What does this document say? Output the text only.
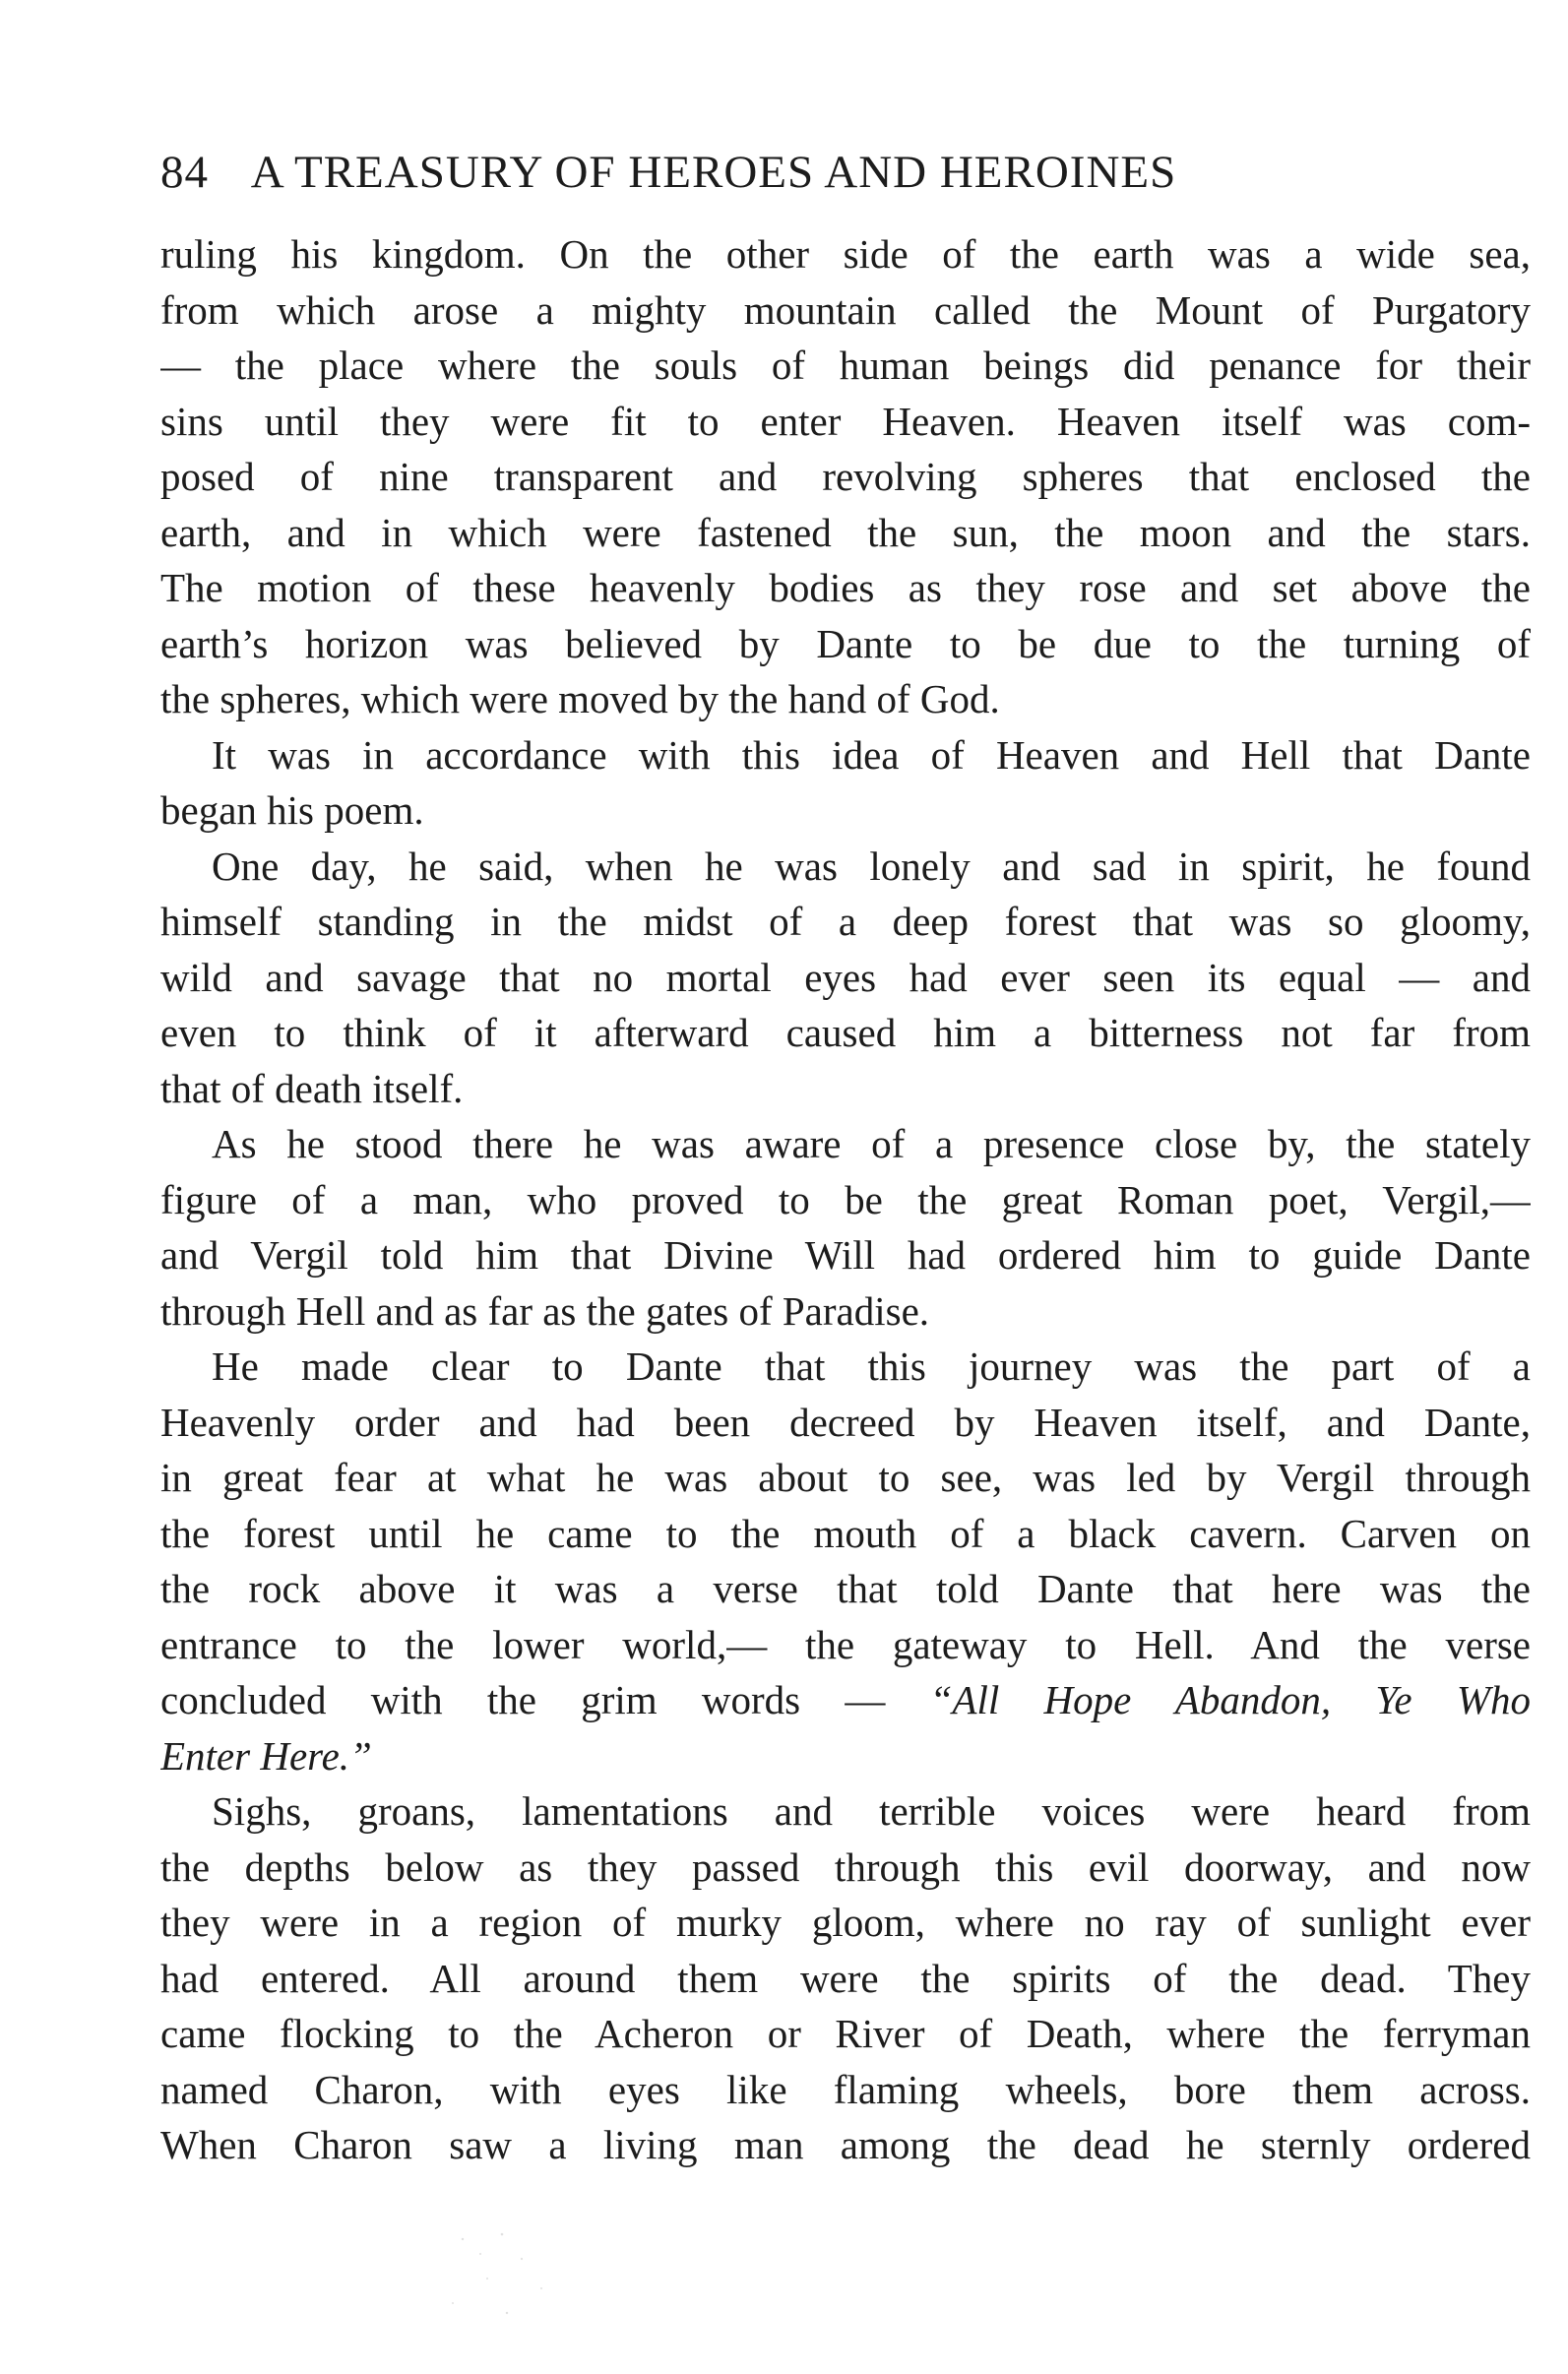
84 A TREASURY OF HEROES AND HEROINES
ruling his kingdom. On the other side of the earth was a wide sea,
from which arose a mighty mountain called the Mount of Purgatory
— the place where the souls of human beings did penance for their
sins until they were fit to enter Heaven. Heaven itself was com-
posed of nine transparent and revolving spheres that enclosed the
earth, and in which were fastened the sun, the moon and the stars.
The motion of these heavenly bodies as they rose and set above the
earth’s horizon was believed by Dante to be due to the turning of
the spheres, which were moved by the hand of God.
It was in accordance with this idea of Heaven and Hell that Dante
began his poem.
One day, he said, when he was lonely and sad in spirit, he found
himself standing in the midst of a deep forest that was so gloomy,
wild and savage that no mortal eyes had ever seen its equal — and
even to think of it afterward caused him a bitterness not far from
that of death itself.
As he stood there he was aware of a presence close by, the stately
figure of a man, who proved to be the great Roman poet, Vergil,—
and Vergil told him that Divine Will had ordered him to guide Dante
through Hell and as far as the gates of Paradise.
He made clear to Dante that this journey was the part of a
Heavenly order and had been decreed by Heaven itself, and Dante,
in great fear at what he was about to see, was led by Vergil through
the forest until he came to the mouth of a black cavern. Carven on
the rock above it was a verse that told Dante that here was the
entrance to the lower world,— the gateway to Hell. And the verse
concluded with the grim words — “All Hope Abandon, Ye Who
Enter Here.”
Sighs, groans, lamentations and terrible voices were heard from
the depths below as they passed through this evil doorway, and now
they were in a region of murky gloom, where no ray of sunlight ever
had entered. All around them were the spirits of the dead. They
came flocking to the Acheron or River of Death, where the ferryman
named Charon, with eyes like flaming wheels, bore them across.
When Charon saw a living man among the dead he sternly ordered
